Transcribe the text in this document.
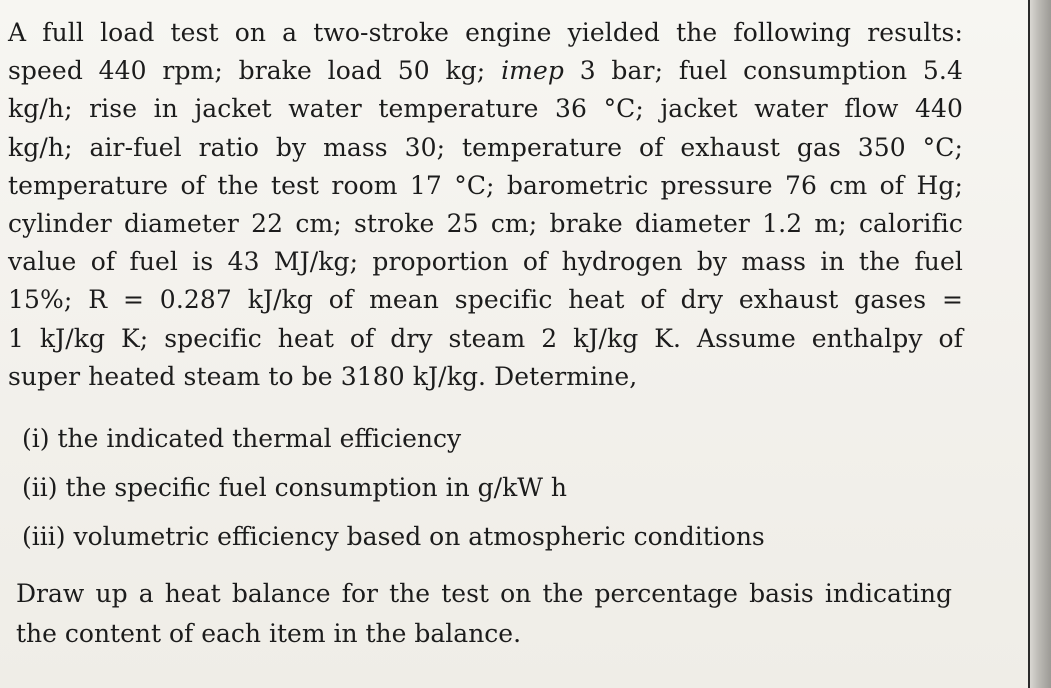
A full load test on a two-stroke engine yielded the following results:
speed 440 rpm; brake load 50 kg; imep 3 bar; fuel consumption 5.4
kg/h; rise in jacket water temperature 36 °C; jacket water flow 440
kg/h; air-fuel ratio by mass 30; temperature of exhaust gas 350 °C;
temperature of the test room 17 °C; barometric pressure 76 cm of Hg;
cylinder diameter 22 cm; stroke 25 cm; brake diameter 1.2 m; calorific
value of fuel is 43 MJ/kg; proportion of hydrogen by mass in the fuel
15%; R = 0.287 kJ/kg of mean specific heat of dry exhaust gases =
1 kJ/kg K; specific heat of dry steam 2 kJ/kg K. Assume enthalpy of
super heated steam to be 3180 kJ/kg. Determine,
(i) the indicated thermal efficiency
(ii) the specific fuel consumption in g/kW h
(iii) volumetric efficiency based on atmospheric conditions
Draw up a heat balance for the test on the percentage basis indicating
the content of each item in the balance.
